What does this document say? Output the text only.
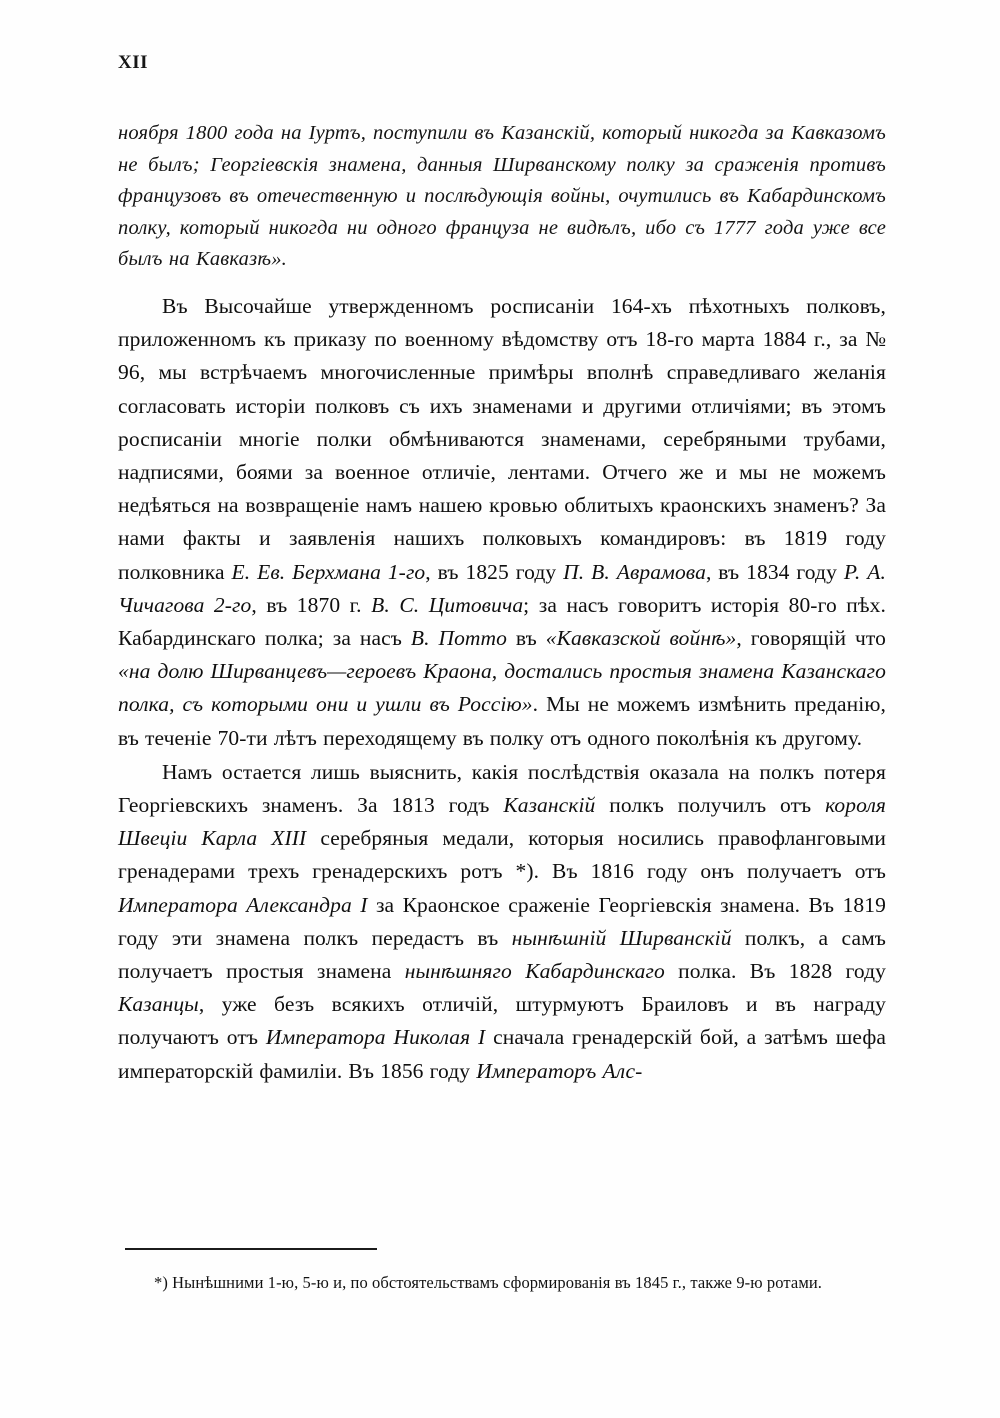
XII

ноября 1800 года на Іуртъ, поступили въ Казанскій, который никогда за Кавказомъ не былъ; Георгіевскія знамена, данныя Ширванскому полку за сраженія противъ французовъ въ отечественную и послѣдующія войны, очутились въ Кабардинскомъ полку, который никогда ни одного француза не видѣлъ, ибо съ 1777 года уже все былъ на Кавказѣ».

Въ Высочайше утвержденномъ росписаніи 164-хъ пѣхотныхъ полковъ, приложенномъ къ приказу по военному вѣдомству отъ 18-го марта 1884 г., за № 96, мы встрѣчаемъ многочисленные примѣры вполнѣ справедливаго желанія согласовать исторіи полковъ съ ихъ знаменами и другими отличіями; въ этомъ росписаніи многіе полки обмѣниваются знаменами, серебряными трубами, надписями, боями за военное отличіе, лентами. Отчего же и мы не можемъ недѣяться на возвращеніе намъ нашею кровью облитыхъ краонскихъ знаменъ? За нами факты и заявленія нашихъ полковыхъ командировъ: въ 1819 году полковника Е. Ев. Берхмана 1-го, въ 1825 году П. В. Аврамова, въ 1834 году Р. А. Чичагова 2-го, въ 1870 г. В. С. Цитовича; за насъ говоритъ исторія 80-го пѣх. Кабардинскаго полка; за насъ В. Потто въ «Кавказской войнѣ», говорящій что «на долю Ширванцевъ—героевъ Краона, достались простыя знамена Казанскаго полка, съ которыми они и ушли въ Россію». Мы не можемъ измѣнить преданію, въ теченіе 70-ти лѣтъ переходящему въ полку отъ одного поколѣнія къ другому.

Намъ остается лишь выяснить, какія послѣдствія оказала на полкъ потеря Георгіевскихъ знаменъ. За 1813 годъ Казанскій полкъ получилъ отъ короля Швеціи Карла XIII серебряныя медали, которыя носились правофланговыми гренадерами трехъ гренадерскихъ ротъ *). Въ 1816 году онъ получаетъ отъ Императора Александра I за Краонское сраженіе Георгіевскія знамена. Въ 1819 году эти знамена полкъ передастъ въ нынѣшній Ширванскій полкъ, а самъ получаетъ простыя знамена нынѣшняго Кабардинскаго полка. Въ 1828 году Казанцы, уже безъ всякихъ отличій, штурмуютъ Браиловъ и въ награду получаютъ отъ Императора Николая I сначала гренадерскій бой, а затѣмъ шефа императорскій фамиліи. Въ 1856 году Императоръ Алс-

*) Нынѣшними 1-ю, 5-ю и, по обстоятельствамъ сформированія въ 1845 г., также 9-ю ротами.
